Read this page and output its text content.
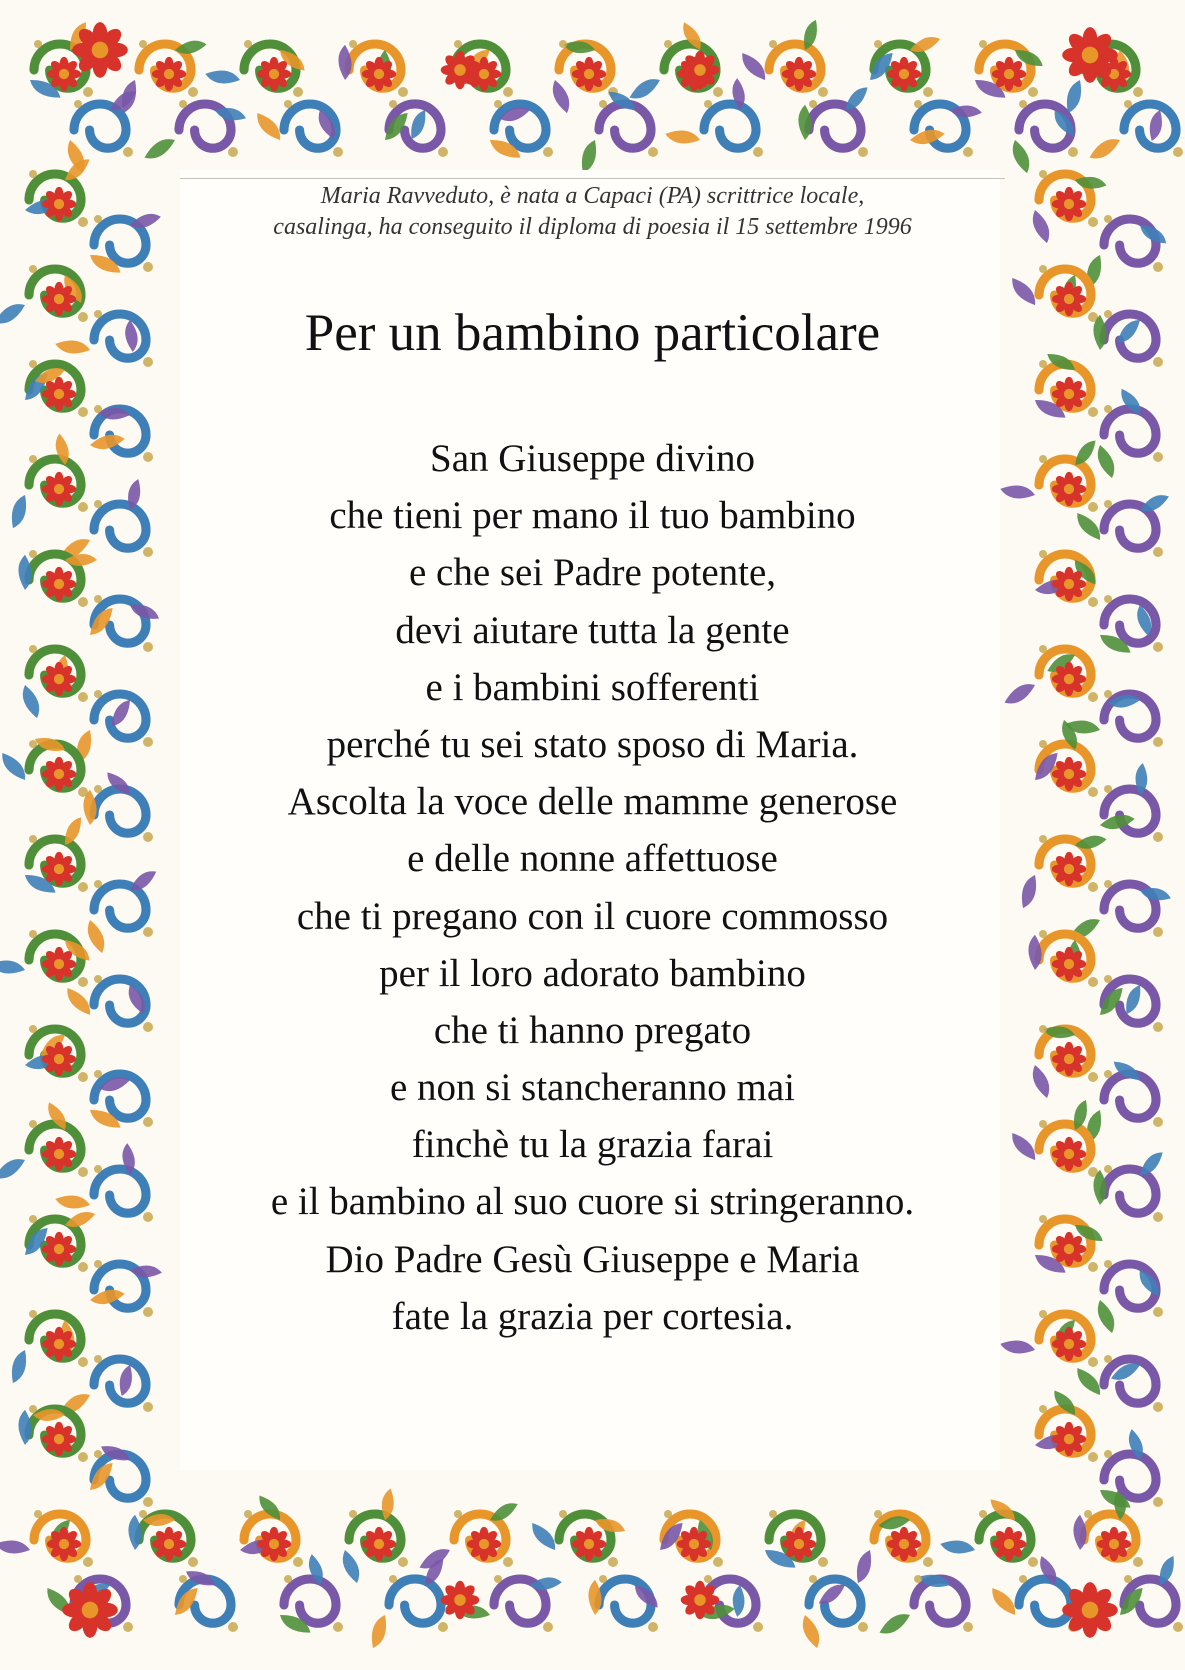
Maria Ravveduto, è nata a Capaci (PA) scrittrice locale,
casalinga, ha conseguito il diploma di poesia il 15 settembre 1996
Per un bambino particolare
San Giuseppe divino
che tieni per mano il tuo bambino
e che sei Padre potente,
devi aiutare tutta la gente
e i bambini sofferenti
perché tu sei stato sposo di Maria.
Ascolta la voce delle mamme generose
e delle nonne affettuose
che ti pregano con il cuore commosso
per il loro adorato bambino
che ti hanno pregato
e non si stancheranno mai
finchè tu la grazia farai
e il bambino al suo cuore si stringeranno.
Dio Padre Gesù Giuseppe e Maria
fate la grazia per cortesia.
